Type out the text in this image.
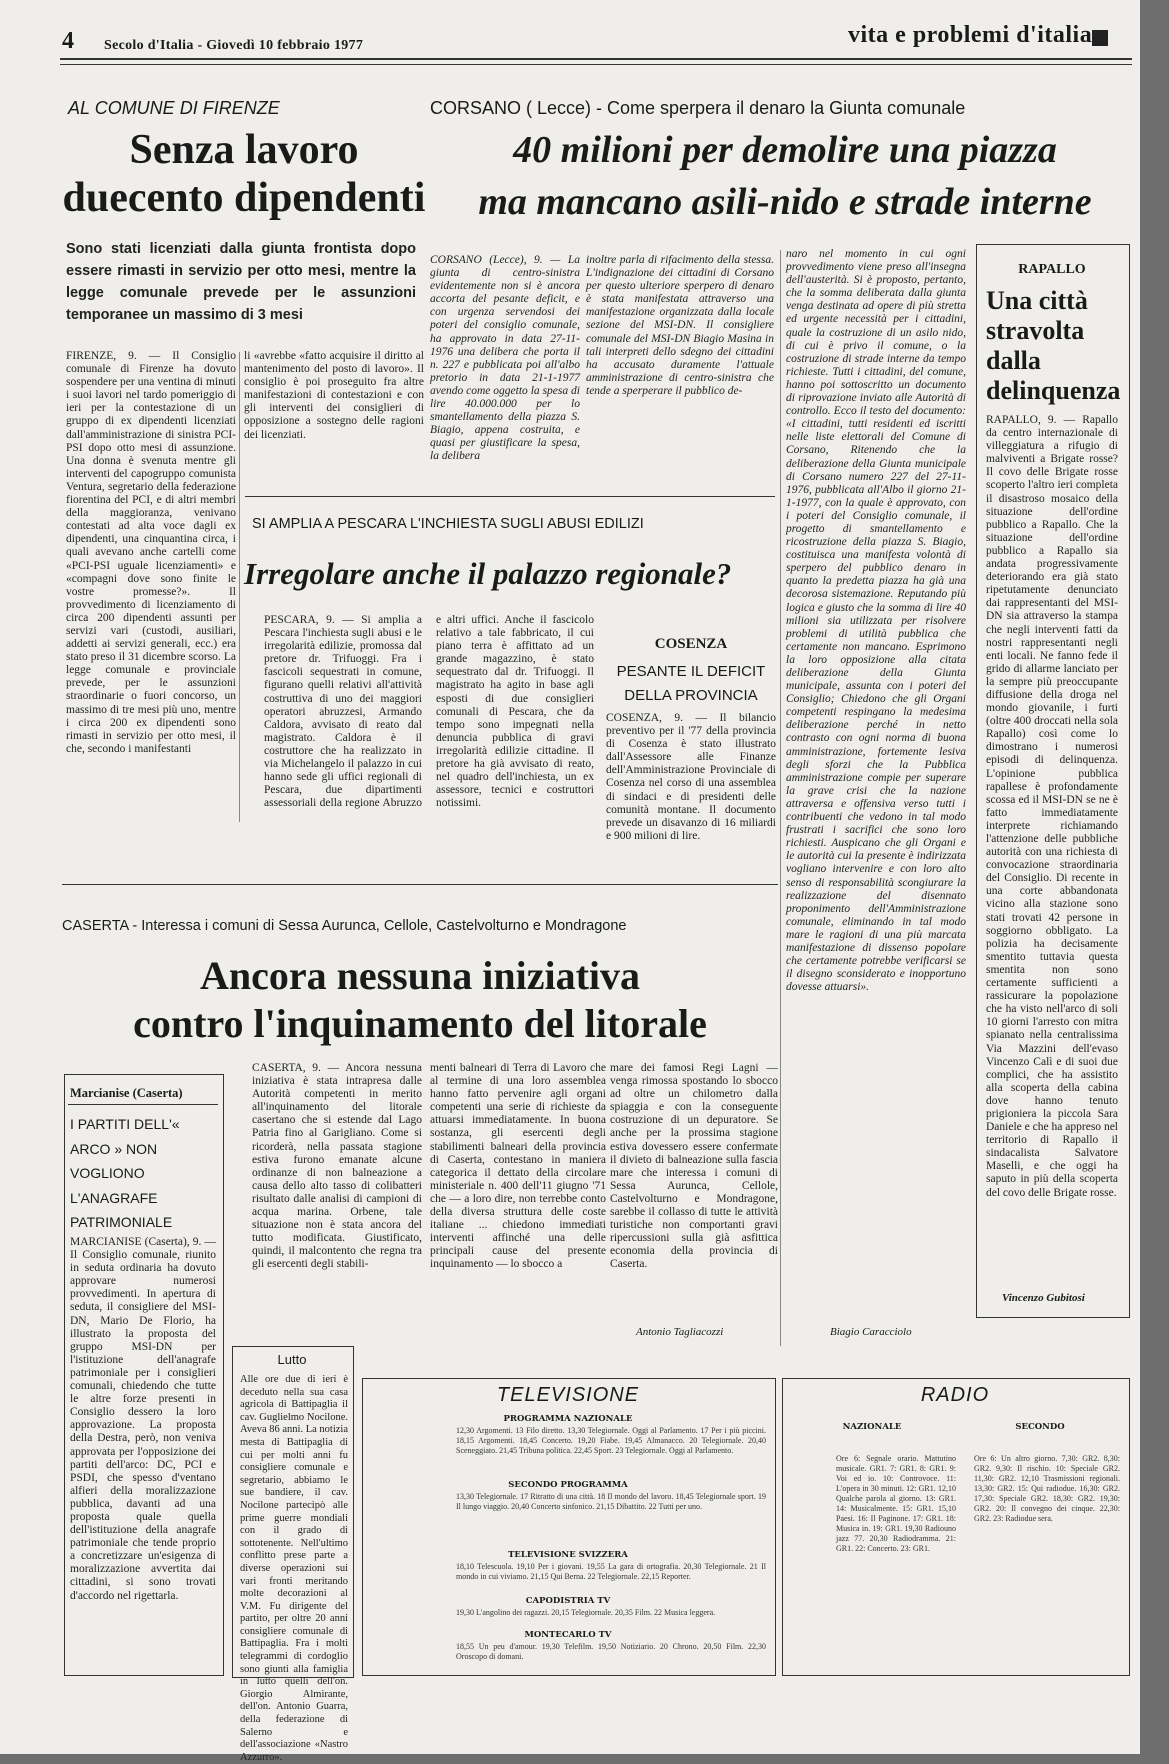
4 Secolo d'Italia - Giovedì 10 febbraio 1977	vita e problemi d'italia
AL COMUNE DI FIRENZE
Senza lavoro
duecento dipendenti
Sono stati licenziati dalla giunta frontista dopo essere rimasti in servizio per otto mesi, mentre la legge comunale prevede per le assunzioni temporanee un massimo di 3 mesi
FIRENZE, 9. — Il Consiglio comunale di Firenze ha dovuto sospendere per una ventina di minuti i suoi lavori nel tardo pomeriggio di ieri per la contestazione di un gruppo di ex dipendenti licenziati dall'amministrazione di sinistra PCI-PSI dopo otto mesi di assunzione. Una donna è svenuta mentre gli interventi del capogruppo comunista Ventura, segretario della federazione fiorentina del PCI, e di altri membri della maggioranza, venivano contestati ad alta voce dagli ex dipendenti, una cinquantina circa, i quali avevano anche cartelli come «PCI-PSI uguale licenziamenti» e «compagni dove sono finite le vostre promesse?». Il provvedimento di licenziamento di circa 200 dipendenti assunti per servizi vari (custodi, ausiliari, addetti ai servizi generali, ecc.) era stato preso il 31 dicembre scorso. La legge comunale e provinciale prevede, per le assunzioni straordinarie o fuori concorso, un massimo di tre mesi più uno, mentre i circa 200 ex dipendenti sono rimasti in servizio per otto mesi, il che, secondo i manifestanti
li «avrebbe «fatto acquisire il diritto al mantenimento del posto di lavoro». Il consiglio è poi proseguito fra altre manifestazioni di contestazioni e con gli interventi dei consiglieri di opposizione a sostegno delle ragioni dei licenziati.
CORSANO ( Lecce) - Come sperpera il denaro la Giunta comunale
40 milioni per demolire una piazza
ma mancano asili-nido e strade interne
CORSANO (Lecce), 9. — La giunta di centro-sinistra evidentemente non si è ancora accorta del pesante deficit, e con urgenza servendosi dei poteri del consiglio comunale, ha approvato in data 27-11-1976 una delibera che porta il n. 227 e pubblicata poi all'albo pretorio in data 21-1-1977 avendo come oggetto la spesa di lire 40.000.000 per lo smantellamento della piazza S. Biagio, appena costruita, e quasi per giustificare la spesa, la delibera
inoltre parla di rifacimento della stessa. L'indignazione dei cittadini di Corsano per questo ulteriore sperpero di denaro è stata manifestata attraverso una manifestazione organizzata dalla locale sezione del MSI-DN. Il consigliere comunale del MSI-DN Biagio Masina in tali interpreti dello sdegno dei cittadini ha accusato duramente l'attuale amministrazione di centro-sinistra che tende a sperperare il pubblico de-
naro nel momento in cui ogni provvedimento viene preso all'insegna dell'austerità. Si è proposto, pertanto, che la somma deliberata dalla giunta venga destinata ad opere di più stretta ed urgente necessità per i cittadini, quale la costruzione di un asilo nido, di cui è privo il comune, o la costruzione di strade interne da tempo richieste. Tutti i cittadini, del comune, hanno poi sottoscritto un documento di riprovazione inviato alle Autorità di controllo. Ecco il testo del documento: «I cittadini, tutti residenti ed iscritti nelle liste elettorali del Comune di Corsano, Ritenendo che la deliberazione della Giunta municipale di Corsano numero 227 del 27-11-1976, pubblicata all'Albo il giorno 21-1-1977, con la quale è approvato, con i poteri del Consiglio comunale, il progetto di smantellamento e ricostruzione della piazza S. Biagio, costituisca una manifesta volontà di sperpero del pubblico denaro in quanto la predetta piazza ha già una decorosa sistemazione. Reputando più logica e giusto che la somma di lire 40 milioni sia utilizzata per risolvere problemi di utilità pubblica che certamente non mancano. Esprimono la loro opposizione alla citata deliberazione della Giunta municipale, assunta con i poteri del Consiglio; Chiedono che gli Organi competenti respingano la medesima deliberazione perché in netto contrasto con ogni norma di buona amministrazione, fortemente lesiva degli sforzi che la Pubblica amministrazione compie per superare la grave crisi che la nazione attraversa e offensiva verso tutti i contribuenti che vedono in tal modo frustrati i sacrifici che sono loro richiesti. Auspicano che gli Organi e le autorità cui la presente è indirizzata vogliano intervenire e con loro alto senso di responsabilità scongiurare la realizzazione del disennato proponimento dell'Amministrazione comunale, eliminando in tal modo mare le ragioni di una più marcata manifestazione di dissenso popolare che certamente potrebbe verificarsi se il disegno sconsiderato e inopportuno dovesse attuarsi».
Biagio Caracciolo
SI AMPLIA A PESCARA L'INCHIESTA SUGLI ABUSI EDILIZI
Irregolare anche il palazzo regionale?
PESCARA, 9. — Si amplia a Pescara l'inchiesta sugli abusi e le irregolarità edilizie, promossa dal pretore dr. Trifuoggi. Fra i fascicoli sequestrati in comune, figurano quelli relativi all'attività costruttiva di uno dei maggiori operatori abruzzesi, Armando Caldora, avvisato di reato dal magistrato. Caldora è il costruttore che ha realizzato in via Michelangelo il palazzo in cui hanno sede gli uffici regionali di Pescara, due dipartimenti assessoriali della regione Abruzzo e altri uffici. Anche il fascicolo relativo a tale fabbricato, il cui piano terra è affittato ad un grande magazzino, è stato sequestrato dal dr. Trifuoggi. Il magistrato ha agito in base agli esposti di due consiglieri comunali di Pescara, che da tempo sono impegnati nella denuncia pubblica di gravi irregolarità edilizie cittadine. Il pretore ha già avvisato di reato, nel quadro dell'inchiesta, un ex assessore, tecnici e costruttori notissimi.
COSENZA
PESANTE IL DEFICIT DELLA PROVINCIA
COSENZA, 9. — Il bilancio preventivo per il '77 della provincia di Cosenza è stato illustrato dall'Assessore alle Finanze dell'Amministrazione Provinciale di Cosenza nel corso di una assemblea di sindaci e di presidenti delle comunità montane. Il documento prevede un disavanzo di 16 miliardi e 900 milioni di lire.
RAPALLO
Una città stravolta dalla delinquenza
RAPALLO, 9. — Rapallo da centro internazionale di villeggiatura a rifugio di malviventi a Brigate rosse? Il covo delle Brigate rosse scoperto l'altro ieri completa il disastroso mosaico della situazione dell'ordine pubblico a Rapallo. Che la situazione dell'ordine pubblico a Rapallo sia andata progressivamente deteriorando era già stato ripetutamente denunciato dai rappresentanti del MSI-DN sia attraverso la stampa che negli interventi fatti da nostri rappresentanti negli enti locali. Ne fanno fede il grido di allarme lanciato per la sempre più preoccupante diffusione della droga nel mondo giovanile, i furti (oltre 400 droccati nella sola Rapallo) così come lo dimostrano i numerosi episodi di delinquenza. L'opinione pubblica rapallese è profondamente scossa ed il MSI-DN se ne è fatto immediatamente interprete richiamando l'attenzione delle pubbliche autorità con una richiesta di convocazione straordinaria del Consiglio. Di recente in una corte abbandonata vicino alla stazione sono stati trovati 42 persone in soggiorno obbligato. La polizia ha decisamente smentito tuttavia questa smentita non sono certamente sufficienti a rassicurare la popolazione che ha visto nell'arco di soli 10 giorni l'arresto con mitra spianato nella centralissima Via Mazzini dell'evaso Vincenzo Calì e di suoi due complici, che ha assistito alla scoperta della cabina dove hanno tenuto prigioniera la piccola Sara Daniele e che ha appreso nel territorio di Rapallo il sindacalista Salvatore Maselli, e che oggi ha saputo in più della scoperta del covo delle Brigate rosse.
Vincenzo Gubitosi
CASERTA - Interessa i comuni di Sessa Aurunca, Cellole, Castelvolturno e Mondragone
Ancora nessuna iniziativa
contro l'inquinamento del litorale
CASERTA, 9. — Ancora nessuna iniziativa è stata intrapresa dalle Autorità competenti in merito all'inquinamento del litorale casertano che si estende dal Lago Patria fino al Garigliano. Come si ricorderà, nella passata stagione estiva furono emanate alcune ordinanze di non balneazione a causa dello alto tasso di colibatteri risultato dalle analisi di campioni di acqua marina. Orbene, tale situazione non è stata ancora del tutto modificata. Giustificato, quindi, il malcontento che regna tra gli esercenti degli stabili-
menti balneari di Terra di Lavoro che al termine di una loro assemblea hanno fatto pervenire agli organi competenti una serie di richieste da attuarsi immediatamente. In buona sostanza, gli esercenti degli stabilimenti balneari della provincia di Caserta, contestano in maniera categorica il dettato della circolare ministeriale n. 400 dell'11 giugno '71 che — a loro dire, non terrebbe conto della diversa struttura delle coste italiane ... chiedono immediati interventi affinché una delle principali cause del presente inquinamento — lo sbocco a
mare dei famosi Regi Lagni — venga rimossa spostando lo sbocco ad oltre un chilometro dalla spiaggia e con la conseguente costruzione di un depuratore. Se anche per la prossima stagione estiva dovessero essere confermate il divieto di balneazione sulla fascia mare che interessa i comuni di Sessa Aurunca, Cellole, Castelvolturno e Mondragone, sarebbe il collasso di tutte le attività turistiche non comportanti gravi ripercussioni sulla già asfittica economia della provincia di Caserta.
Antonio Tagliacozzi
Marcianise (Caserta)
I PARTITI DELL'« ARCO » NON VOGLIONO L'ANAGRAFE PATRIMONIALE
MARCIANISE (Caserta), 9. — Il Consiglio comunale, riunito in seduta ordinaria ha dovuto approvare numerosi provvedimenti. In apertura di seduta, il consigliere del MSI-DN, Mario De Florio, ha illustrato la proposta del gruppo MSI-DN per l'istituzione dell'anagrafe patrimoniale per i consiglieri comunali, chiedendo che tutte le altre forze presenti in Consiglio dessero la loro approvazione. La proposta della Destra, però, non veniva approvata per l'opposizione dei partiti dell'arco: DC, PCI e PSDI, che spesso d'ventano alfieri della moralizzazione pubblica, davanti ad una proposta quale quella dell'istituzione della anagrafe patrimoniale che tende proprio a concretizzare un'esigenza di moralizzazione avvertita dai cittadini, si sono trovati d'accordo nel rigettarla.
Lutto
Alle ore due di ieri è deceduto nella sua casa agricola di Battipaglia il cav. Guglielmo Nocilone. Aveva 86 anni. La notizia mesta di Battipaglia di cui per molti anni fu consigliere comunale e segretario, abbiamo le sue bandiere, il cav. Nocilone partecipò alle prime guerre mondiali con il grado di sottotenente. Nell'ultimo conflitto prese parte a diverse operazioni sui vari fronti meritando molte decorazioni al V.M. Fu dirigente del partito, per oltre 20 anni consigliere comunale di Battipaglia. Fra i molti telegrammi di cordoglio sono giunti alla famiglia in lutto quelli dell'on. Giorgio Almirante, dell'on. Antonio Guarra, della federazione di Salerno e dell'associazione «Nastro Azzurro».
TELEVISIONE
PROGRAMMA NAZIONALE
12,30 Argomenti. 13 Filo diretto. 13,30 Telegiornale. Oggi al Parlamento. 17 Per i più piccini. 18,15 Argomenti. 18,45 Concerto. 19,20 Fiabe. 19,45 Almanacco. 20 Telegiornale. 20,40 Sceneggiato. 21,45 Tribuna politica. 22,45 Sport. 23 Telegiornale. Oggi al Parlamento.
SECONDO PROGRAMMA
13,30 Telegiornale. 17 Ritratto di una città. 18 Il mondo del lavoro. 18,45 Telegiornale sport. 19 Il lungo viaggio. 20,40 Concerto sinfonico. 21,15 Dibattito. 22 Tutti per uno.
TELEVISIONE SVIZZERA
18,10 Telescuola. 19,10 Per i giovani. 19,55 La gara di ortografia. 20,30 Telegiornale. 21 Il mondo in cui viviamo. 21,15 Qui Berna. 22 Telegiornale. 22,15 Reporter.
CAPODISTRIA TV
19,30 L'angolino dei ragazzi. 20,15 Telegiornale. 20,35 Film. 22 Musica leggera.
MONTECARLO TV
18,55 Un peu d'amour. 19,30 Telefilm. 19,50 Notiziario. 20 Chrono. 20,50 Film. 22,30 Oroscopo di domani.
RADIO
NAZIONALE
Ore 6: Segnale orario. Mattutino musicale. GR1. 7: GR1. 8: GR1. 9: Voi ed io. 10: Controvoce. 11: L'opera in 30 minuti. 12: GR1. 12,10 Qualche parola al giorno. 13: GR1. 14: Musicalmente. 15: GR1. 15,10 Paesi. 16: Il Paginone. 17: GR1. 18: Musica in. 19: GR1. 19,30 Radiouno jazz 77. 20,30 Radiodramma. 21: GR1. 22: Concerto. 23: GR1.
SECONDO
Ore 6: Un altro giorno. 7,30: GR2. 8,30: GR2. 9,30: Il rischio. 10: Speciale GR2. 11,30: GR2. 12,10 Trasmissioni regionali. 13,30: GR2. 15: Qui radiodue. 16,30: GR2. 17,30: Speciale GR2. 18,30: GR2. 19,30: GR2. 20: Il convegno dei cinque. 22,30: GR2. 23: Radiodue sera.
